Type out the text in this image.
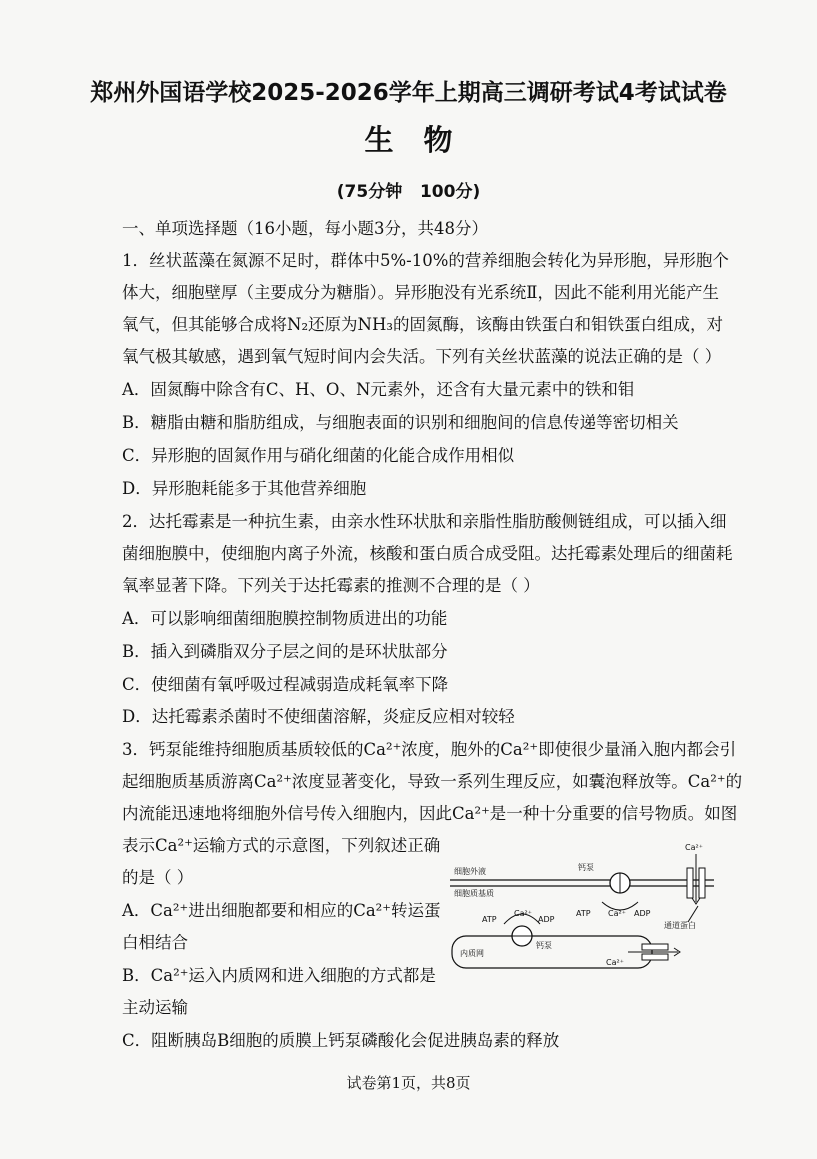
郑州外国语学校2025-2026学年上期高三调研考试4考试试卷
生物
(75分钟   100分)
一、单项选择题（16小题，每小题3分，共48分）
1．丝状蓝藻在氮源不足时，群体中5%-10%的营养细胞会转化为异形胞，异形胞个
体大，细胞壁厚（主要成分为糖脂）。异形胞没有光系统Ⅱ，因此不能利用光能产生
氧气，但其能够合成将N₂还原为NH₃的固氮酶，该酶由铁蛋白和钼铁蛋白组成，对
氧气极其敏感，遇到氧气短时间内会失活。下列有关丝状蓝藻的说法正确的是（ ）
A．固氮酶中除含有C、H、O、N元素外，还含有大量元素中的铁和钼
B．糖脂由糖和脂肪组成，与细胞表面的识别和细胞间的信息传递等密切相关
C．异形胞的固氮作用与硝化细菌的化能合成作用相似
D．异形胞耗能多于其他营养细胞
2．达托霉素是一种抗生素，由亲水性环状肽和亲脂性脂肪酸侧链组成，可以插入细
菌细胞膜中，使细胞内离子外流，核酸和蛋白质合成受阻。达托霉素处理后的细菌耗
氧率显著下降。下列关于达托霉素的推测不合理的是（ ）
A．可以影响细菌细胞膜控制物质进出的功能
B．插入到磷脂双分子层之间的是环状肽部分
C．使细菌有氧呼吸过程减弱造成耗氧率下降
D．达托霉素杀菌时不使细菌溶解，炎症反应相对较轻
3．钙泵能维持细胞质基质较低的Ca²⁺浓度，胞外的Ca²⁺即使很少量涌入胞内都会引
起细胞质基质游离Ca²⁺浓度显著变化，导致一系列生理反应，如囊泡释放等。Ca²⁺的
内流能迅速地将细胞外信号传入细胞内，因此Ca²⁺是一种十分重要的信号物质。如图
表示Ca²⁺运输方式的示意图，下列叙述正确
的是（ ）
A．Ca²⁺进出细胞都要和相应的Ca²⁺转运蛋
白相结合
B．Ca²⁺运入内质网和进入细胞的方式都是
主动运输
C．阻断胰岛B细胞的质膜上钙泵磷酸化会促进胰岛素的释放
细胞外液
细胞质基质
钙泵
ATP Ca²⁺ ADP
Ca²⁺
通道蛋白
内质网
ATP
Ca²⁺
ADP
钙泵
Ca²⁺
试卷第1页，共8页
